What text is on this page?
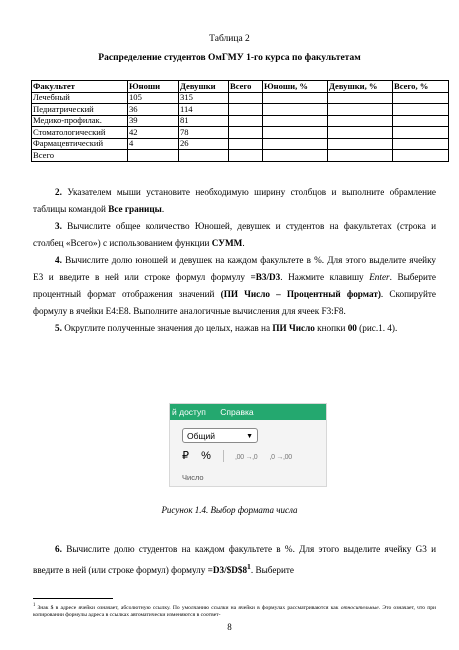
Таблица 2
Распределение студентов ОмГМУ 1-го курса по факультетам
Факультет	Юноши	Девушки	Всего	Юноши, %	Девушки, %	Всего, %
Лечебный	105	315				
Педиатрический	36	114				
Медико-профилак.	39	81				
Стоматологический	42	78				
Фармацевтический	4	26				
Всего						

2. Указателем мыши установите необходимую ширину столбцов и выполните обрамление таблицы командой Все границы.

3. Вычислите общее количество Юношей, девушек и студентов на факультетах (строка и столбец «Всего») с использованием функции СУММ.

4. Вычислите долю юношей и девушек на каждом факультете в %. Для этого выделите ячейку E3 и введите в ней или строке формул формулу =B3/D3. Нажмите клавишу Enter. Выберите процентный формат отображения значений (ПИ Число – Процентный формат). Скопируйте формулу в ячейки E4:E8. Выполните аналогичные вычисления для ячеек F3:F8.

5. Округлите полученные значения до целых, нажав на ПИ Число кнопки 00 (рис.1. 4).

й доступ Справка
Общий	▼
₽ %	,00 →,0 ,0 →,00
Число
Рисунок 1.4. Выбор формата числа

6. Вычислите долю студентов на каждом факультете в %. Для этого выделите ячейку G3 и введите в ней (или строке формул) формулу $=D3/\$D\$8^1$. Выберите

$^1$ Знак $ в адресе ячейки означает, абсолютную ссылку. По умолчанию ссылки на ячейки в формулах рассматриваются как относительные. Это означает, что при копировании формулы адреса в ссылках автоматически изменяются в соответ-
8
